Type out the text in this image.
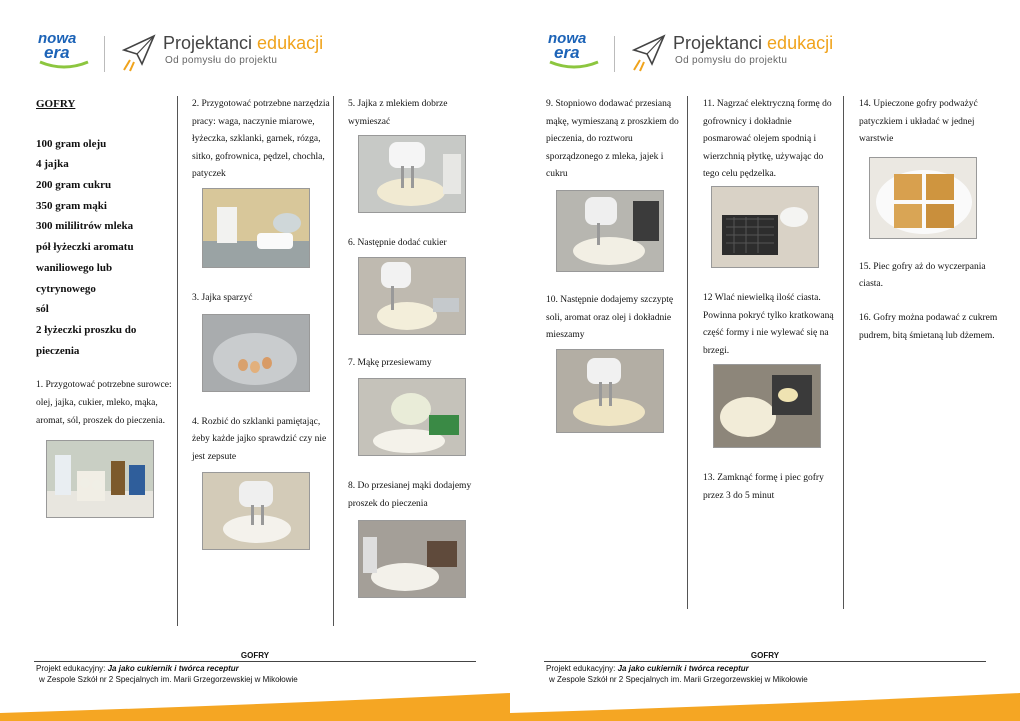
nowa
era	Projektanci edukacji
Od pomysłu do projektu

GOFRY

100 gram oleju

4 jajka

200 gram cukru

350 gram mąki

300 mililitrów mleka

pół łyżeczki aromatu

waniliowego lub

cytrynowego

sól

2 łyżeczki proszku do

pieczenia

1. Przygotować potrzebne surowce: olej, jajka, cukier, mleko, mąka, aromat, sól, proszek do pieczenia.

2. Przygotować potrzebne narzędzia pracy: waga, naczynie miarowe, łyżeczka, szklanki, garnek, rózga, sitko, gofrownica, pędzel, chochla, patyczek

3. Jajka sparzyć

4. Rozbić do szklanki pamiętając, żeby każde jajko sprawdzić czy nie jest zepsute

5. Jajka z mlekiem dobrze wymieszać

6. Następnie dodać cukier

7. Mąkę przesiewamy

8. Do przesianej mąki dodajemy proszek do pieczenia

GOFRY
Projekt edukacyjny: Ja jako cukiernik i twórca receptur
w Zespole Szkół nr 2 Specjalnych im. Marii Grzegorzewskiej w Mikołowie
nowa
era	Projektanci edukacji
Od pomysłu do projektu

9. Stopniowo dodawać przesianą mąkę, wymieszaną z proszkiem do pieczenia, do roztworu sporządzonego z mleka, jajek i cukru

10. Następnie dodajemy szczyptę soli, aromat oraz olej i dokładnie mieszamy

11. Nagrzać elektryczną formę do gofrownicy i dokładnie posmarować olejem spodnią i wierzchnią płytkę, używając do tego celu pędzelka.

12 Wlać niewielką ilość ciasta. Powinna pokryć tylko kratkowaną część formy i nie wylewać się na brzegi.

13. Zamknąć formę i piec gofry przez 3 do 5 minut

14. Upieczone gofry podważyć patyczkiem i układać w jednej warstwie

15. Piec gofry aż do wyczerpania ciasta.

16. Gofry można podawać z cukrem pudrem, bitą śmietaną lub dżemem.

GOFRY
Projekt edukacyjny: Ja jako cukiernik i twórca receptur
w Zespole Szkół nr 2 Specjalnych im. Marii Grzegorzewskiej w Mikołowie
